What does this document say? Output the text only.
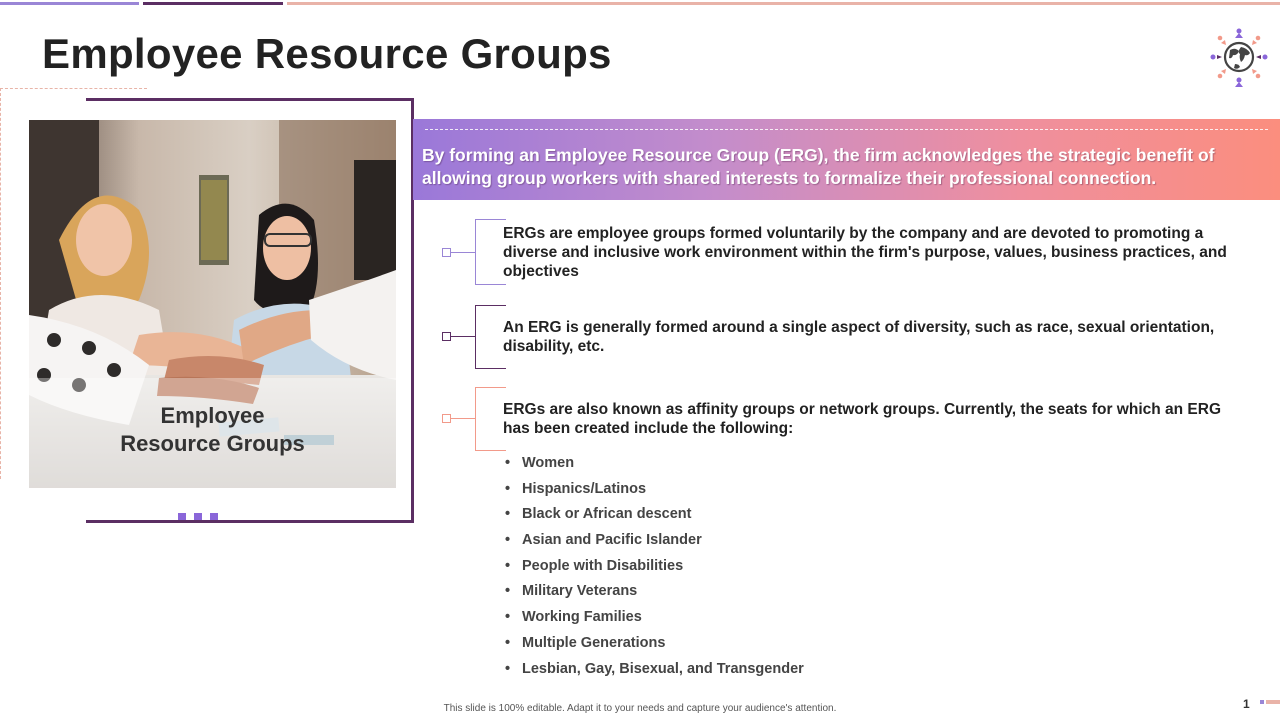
Employee Resource Groups
Employee
Resource Groups
By forming an Employee Resource Group (ERG), the firm acknowledges the strategic benefit of allowing group workers with shared interests to formalize their professional connection.
ERGs are employee groups formed voluntarily by the company and are devoted to promoting a diverse and inclusive work environment within the firm's purpose, values, business practices, and objectives
An ERG is generally formed around a single aspect of diversity, such as race, sexual orientation, disability, etc.
ERGs are also known as affinity groups or network groups. Currently, the seats for which an ERG has been created include the following:
• Women
• Hispanics/Latinos
• Black or African descent
• Asian and Pacific Islander
• People with Disabilities
• Military Veterans
• Working Families
• Multiple Generations
• Lesbian, Gay, Bisexual, and Transgender
This slide is 100% editable. Adapt it to your needs and capture your audience's attention.	1
